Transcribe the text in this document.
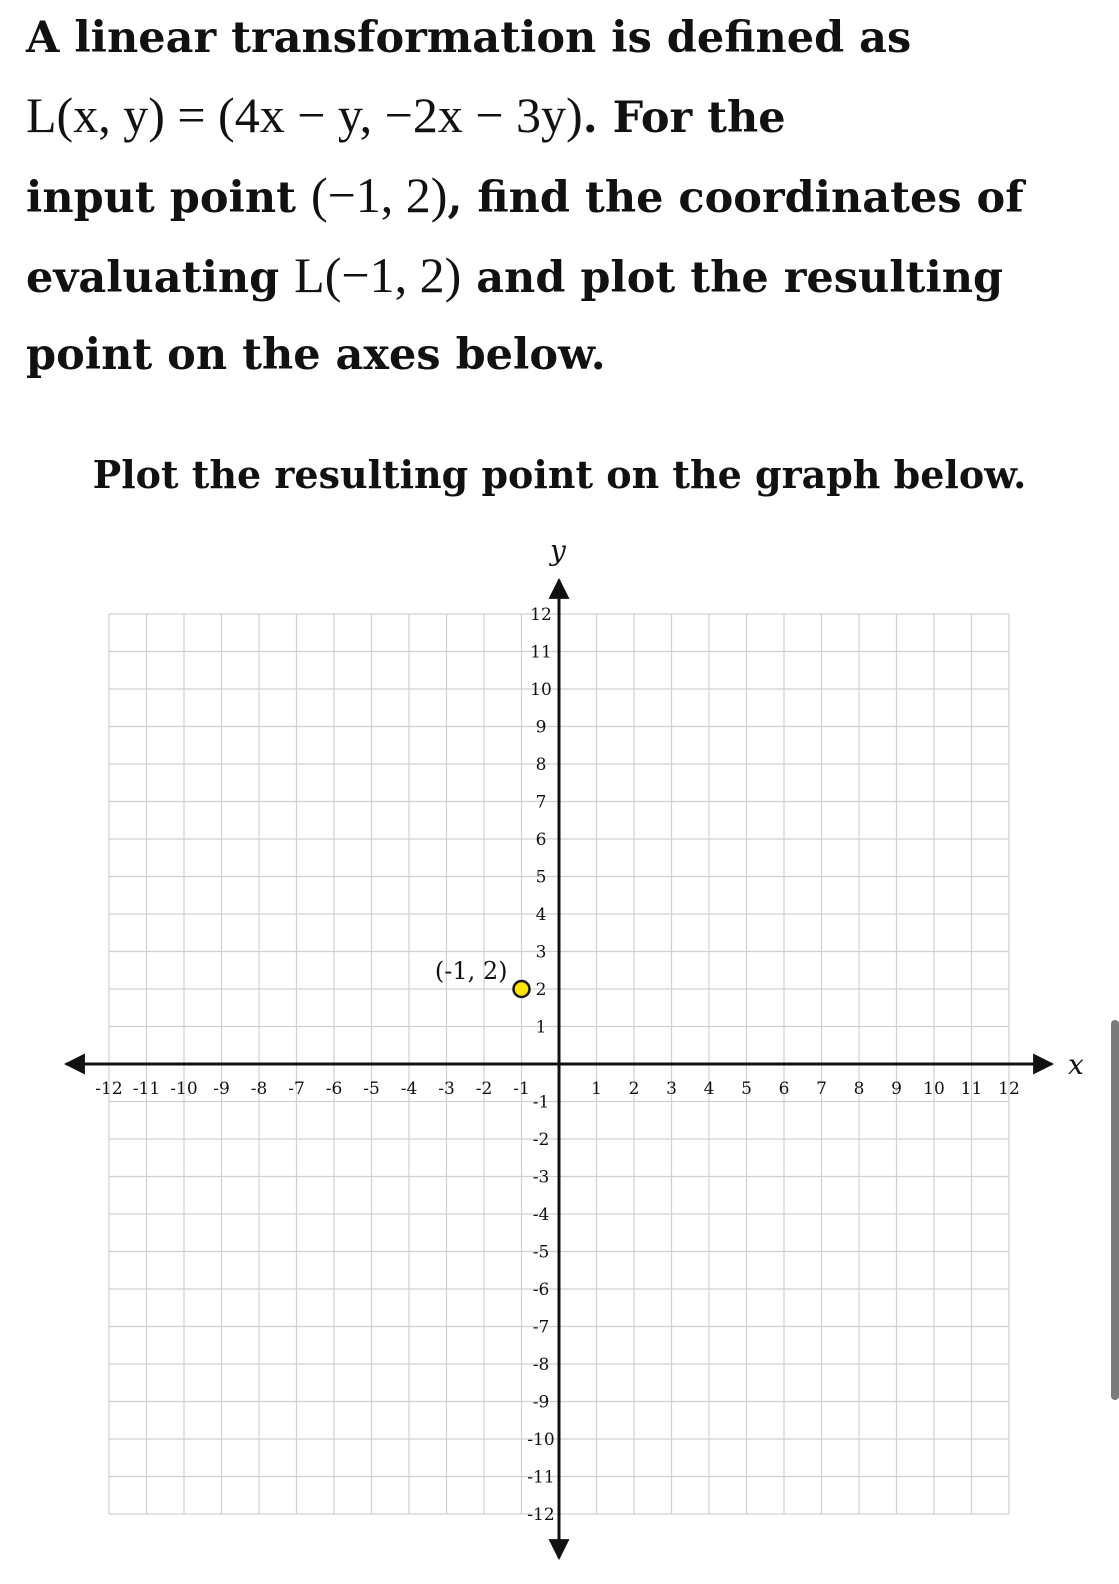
A linear transformation is defined as
L(x, y) = (4x − y, −2x − 3y). For the
input point (−1, 2), find the coordinates of
evaluating L(−1, 2) and plot the resulting
point on the axes below.
Plot the resulting point on the graph below.
x
y
-12 -11 -10 -9 -8 -7 -6 -5 -4 -3 -2 -1	1 2 3 4 5 6 7 8 9 10 11 12
12
11
10
9
8
7
6
5
4
3
2
1
-1
-2
-3
-4
-5
-6
-7
-8
-9
-10
-11
-12
(-1, 2)
